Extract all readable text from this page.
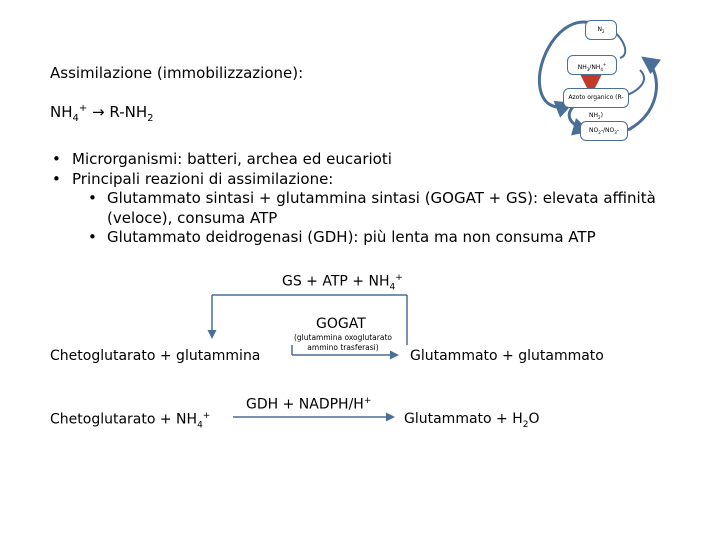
Assimilazione (immobilizzazione):
$NH_4^+ \to R-NH_2$
$N_2$
$NH_3/NH_4^+$
Azoto organico $(R-NH_2)$
$NO_2-/NO_3-$
• Microrganismi: batteri, archea ed eucarioti
• Principali reazioni di assimilazione:
• Glutammato sintasi + glutammina sintasi (GOGAT + GS): elevata affinità
(veloce), consuma ATP
• Glutammato deidrogenasi (GDH): più lenta ma non consuma ATP
GS + ATP + $NH_4^+$
GOGAT
(glutammina oxoglutarato
ammino trasferasi)
Chetoglutarato + glutammina	Glutammato + glutammato
Chetoglutarato + $NH_4^+$
GDH + NADPH/H+
Glutammato + $H_2O$
